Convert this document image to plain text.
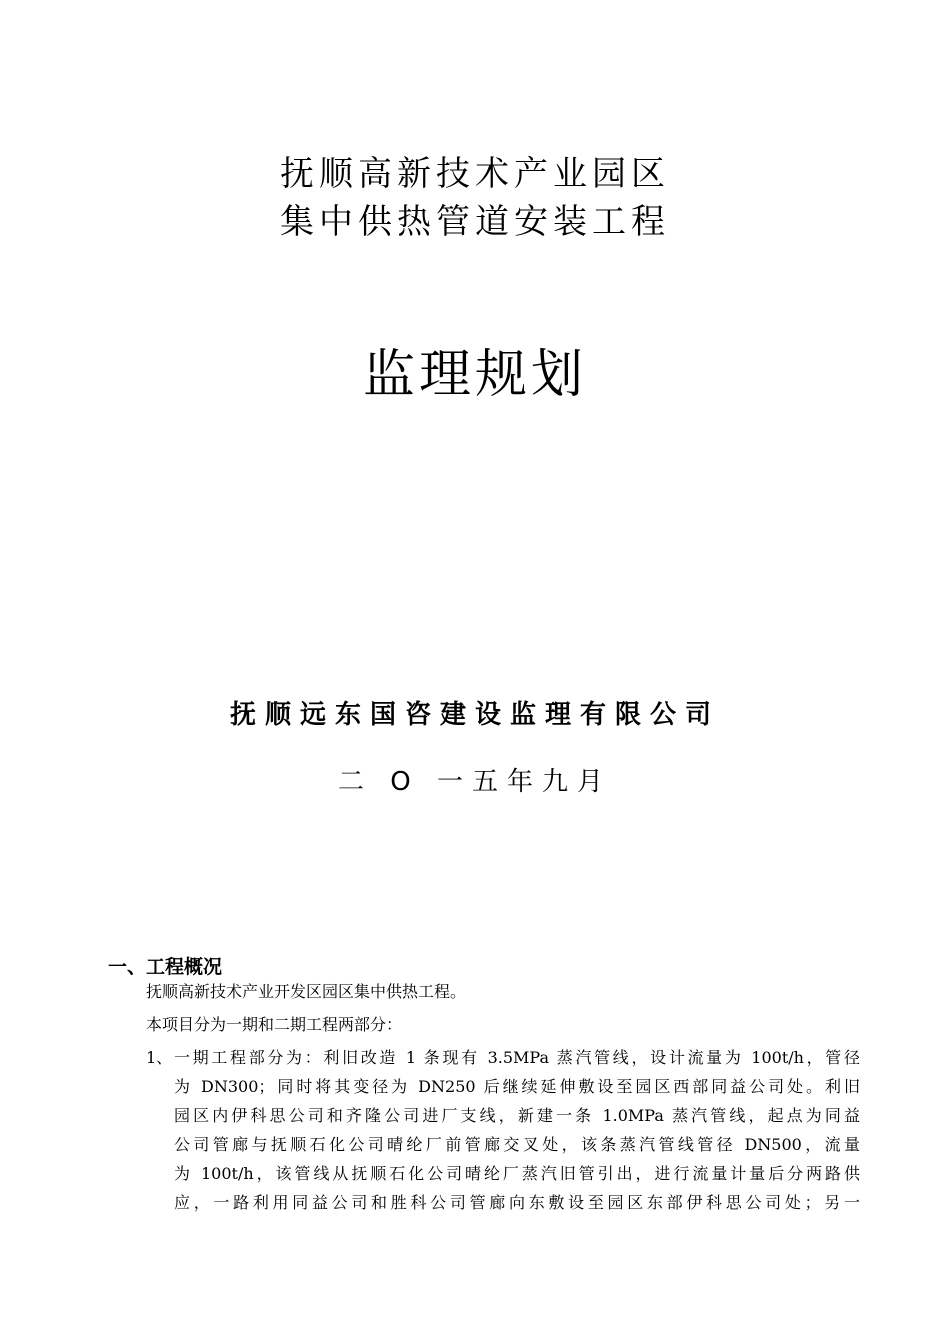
抚顺高新技术产业园区
集中供热管道安装工程
监理规划
抚顺远东国咨建设监理有限公司
二 O 一五年九月
一、工程概况
抚顺高新技术产业开发区园区集中供热工程。
本项目分为一期和二期工程两部分：
1、 一期工程部分为：利旧改造 1 条现有 3.5MPa 蒸汽管线，设计流量为 100t/h，管径
为 DN300；同时将其变径为 DN250 后继续延伸敷设至园区西部同益公司处。利旧
园区内伊科思公司和齐隆公司进厂支线，新建一条 1.0MPa 蒸汽管线，起点为同益
公司管廊与抚顺石化公司晴纶厂前管廊交叉处，该条蒸汽管线管径 DN500，流量
为 100t/h，该管线从抚顺石化公司晴纶厂蒸汽旧管引出，进行流量计量后分两路供
应，一路利用同益公司和胜科公司管廊向东敷设至园区东部伊科思公司处；另一
